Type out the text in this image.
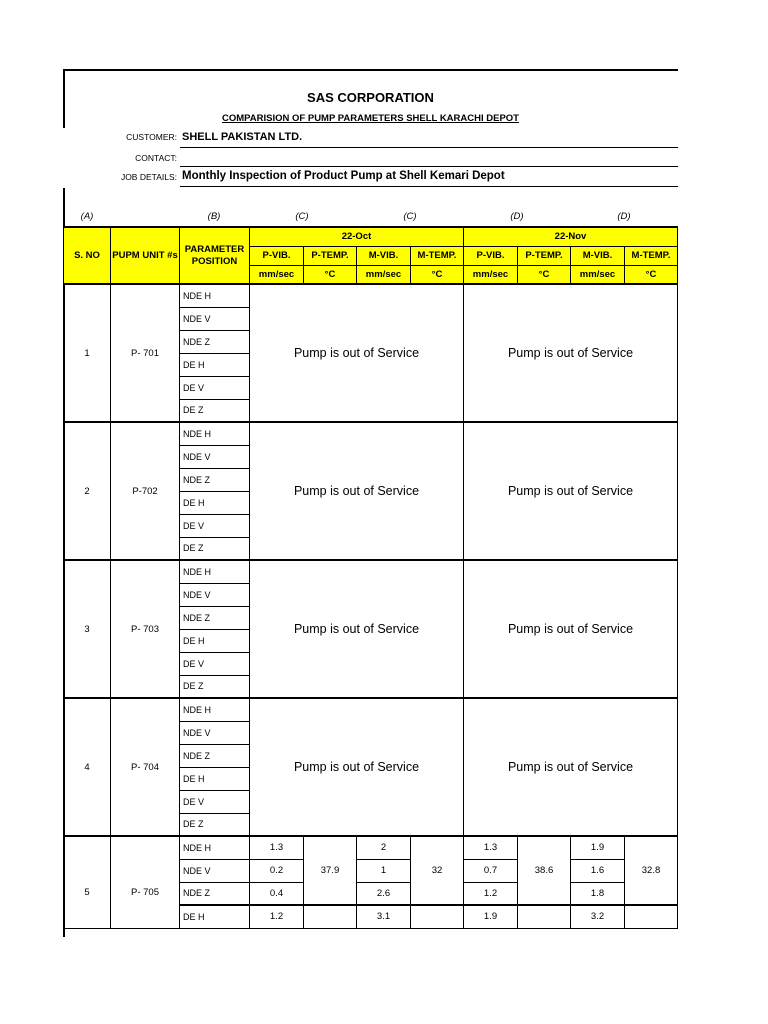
SAS CORPORATION
COMPARISION OF PUMP PARAMETERS SHELL KARACHI DEPOT
CUSTOMER: SHELL PAKISTAN LTD.
CONTACT:
JOB DETAILS: Monthly Inspection of Product Pump at Shell Kemari Depot
(A)	(B)	(C)	(C)	(D)	(D)
S. NO	PUPM UNIT #s	PARAMETER POSITION	22-Oct				22-Nov			
			P-VIB.	P-TEMP.	M-VIB.	M-TEMP.	P-VIB.	P-TEMP.	M-VIB.	M-TEMP.
			mm/sec	°C	mm/sec	°C	mm/sec	°C	mm/sec	°C
1	P- 701	NDE H	Pump is out of Service				Pump is out of Service			
		NDE V								
		NDE Z								
		DE H								
		DE V								
		DE Z								
2	P-702	NDE H	Pump is out of Service				Pump is out of Service			
		NDE V								
		NDE Z								
		DE H								
		DE V								
		DE Z								
3	P- 703	NDE H	Pump is out of Service				Pump is out of Service			
		NDE V								
		NDE Z								
		DE H								
		DE V								
		DE Z								
4	P- 704	NDE H	Pump is out of Service				Pump is out of Service			
		NDE V								
		NDE Z								
		DE H								
		DE V								
		DE Z								
5	P- 705	NDE H	1.3	37.9	2	32	1.3	38.6	1.9	32.8
		NDE V	0.2		1		0.7		1.6	
		NDE Z	0.4		2.6		1.2		1.8	
		DE H	1.2		3.1		1.9		3.2	
